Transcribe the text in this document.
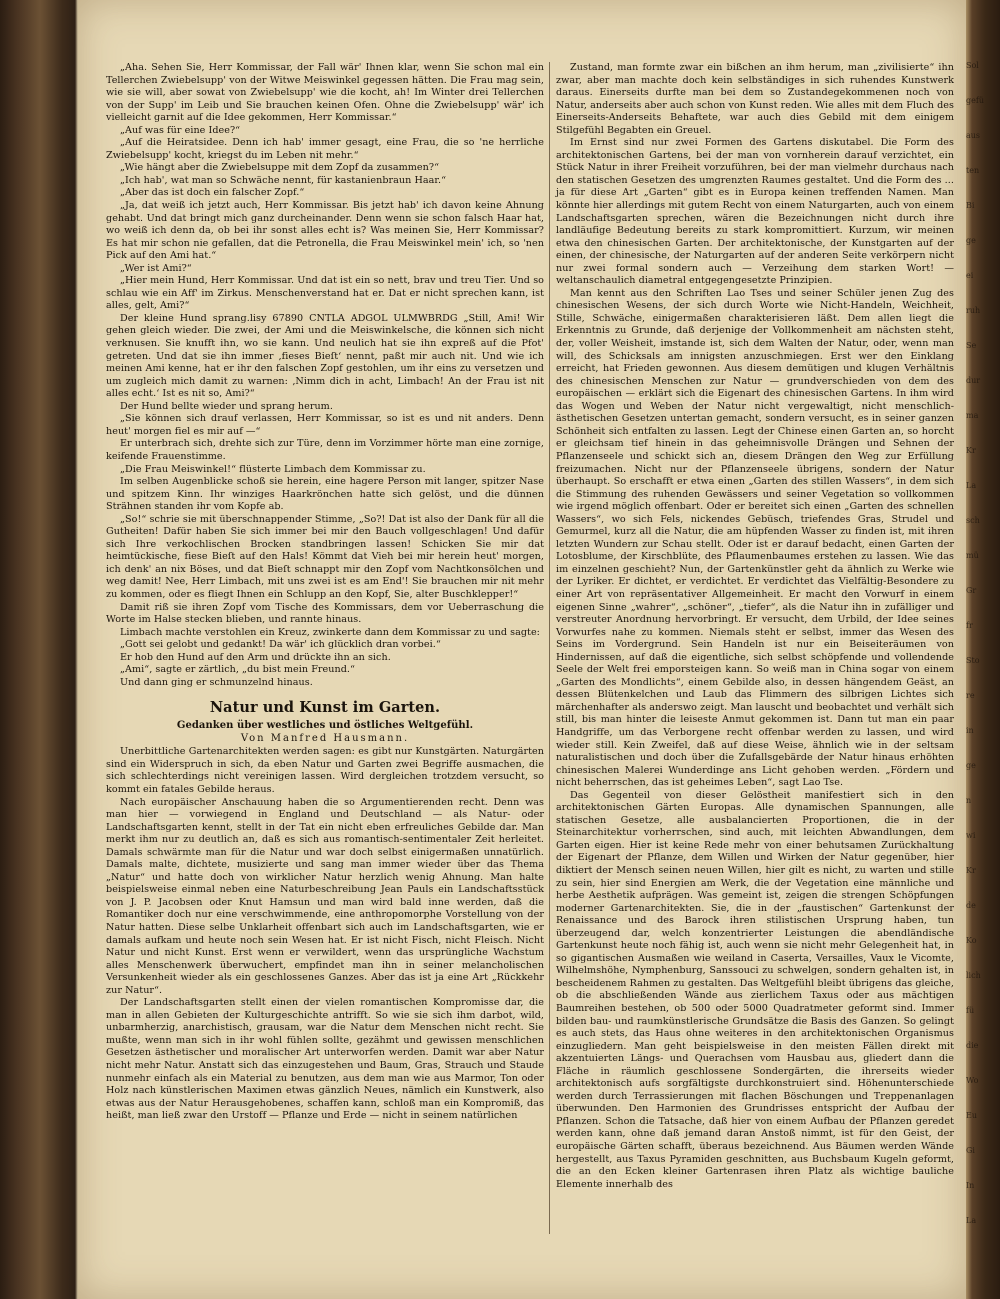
„Aha. Sehen Sie, Herr Kommissar, der Fall wär' Ihnen klar, wenn Sie schon mal ein Tellerchen Zwiebelsupp' von der Witwe Meiswinkel gegessen hätten. Die Frau mag sein, wie sie will, aber sowat von Zwiebelsupp' wie die kocht, ah! Im Winter drei Tellerchen von der Supp' im Leib und Sie brauchen keinen Ofen. Ohne die Zwiebelsupp' wär' ich vielleicht garnit auf die Idee gekommen, Herr Kommissar.“

„Auf was für eine Idee?“

„Auf die Heiratsidee. Denn ich hab' immer gesagt, eine Frau, die so 'ne herrliche Zwiebelsupp' kocht, kriegst du im Leben nit mehr.“

„Wie hängt aber die Zwiebelsuppe mit dem Zopf da zusammen?“

„Ich hab', wat man so Schwäche nennt, für kastanienbraun Haar.“

„Aber das ist doch ein falscher Zopf.“

„Ja, dat weiß ich jetzt auch, Herr Kommissar. Bis jetzt hab' ich davon keine Ahnung gehabt. Und dat bringt mich ganz durcheinander. Denn wenn sie schon falsch Haar hat, wo weiß ich denn da, ob bei ihr sonst alles echt is? Was meinen Sie, Herr Kommissar? Es hat mir schon nie gefallen, dat die Petronella, die Frau Meiswinkel mein' ich, so 'nen Pick auf den Ami hat.“

„Wer ist Ami?“

„Hier mein Hund, Herr Kommissar. Und dat ist ein so nett, brav und treu Tier. Und so schlau wie ein Aff' im Zirkus. Menschenverstand hat er. Dat er nicht sprechen kann, ist alles, gelt, Ami?“

Der kleine Hund sprang.lisy 67890 CNTLA ADGOL ULMWBRDG „Still, Ami! Wir gehen gleich wieder. Die zwei, der Ami und die Meiswinkelsche, die können sich nicht verknusen. Sie knufft ihn, wo sie kann. Und neulich hat sie ihn expreß auf die Pfot' getreten. Und dat sie ihn immer ‚fieses Bieſt‘ nennt, paßt mir auch nit. Und wie ich meinen Ami kenne, hat er ihr den falschen Zopf gestohlen, um ihr eins zu versetzen und um zugleich mich damit zu warnen: ‚Nimm dich in acht, Limbach! An der Frau ist nit alles echt.‘ Ist es nit so, Ami?“

Der Hund bellte wieder und sprang herum.

„Sie können sich drauf verlassen, Herr Kommissar, so ist es und nit anders. Denn heut' morgen fiel es mir auf —“

Er unterbrach sich, drehte sich zur Türe, denn im Vorzimmer hörte man eine zornige, keifende Frauenstimme.

„Die Frau Meiswinkel!“ flüsterte Limbach dem Kommissar zu.

Im selben Augenblicke schoß sie herein, eine hagere Person mit langer, spitzer Nase und spitzem Kinn. Ihr winziges Haarkrönchen hatte sich gelöst, und die dünnen Strähnen standen ihr vom Kopfe ab.

„So!“ schrie sie mit überschnappender Stimme, „So?! Dat ist also der Dank für all die Gutheiten! Dafür haben Sie sich immer bei mir den Bauch vollgeschlagen! Und dafür sich Ihre verkochlischen Brocken standbringen lassen! Schicken Sie mir dat heimtückische, fiese Bieſt auf den Hals! Kömmt dat Vieh bei mir herein heut' morgen, ich denk' an nix Böses, und dat Bieſt schnappt mir den Zopf vom Nachtkonsölchen und weg damit! Nee, Herr Limbach, mit uns zwei ist es am End'! Sie brauchen mir nit mehr zu kommen, oder es fliegt Ihnen ein Schlupp an den Kopf, Sie, alter Buschklepper!“

Damit riß sie ihren Zopf vom Tische des Kommissars, dem vor Ueberraschung die Worte im Halse stecken blieben, und rannte hinaus.

Limbach machte verstohlen ein Kreuz, zwinkerte dann dem Kommissar zu und sagte:

„Gott sei gelobt und gedankt! Da wär' ich glücklich dran vorbei.“

Er hob den Hund auf den Arm und drückte ihn an sich.

„Ami“, sagte er zärtlich, „du bist mein Freund.“

Und dann ging er schmunzelnd hinaus.

Natur und Kunst im Garten.
Gedanken über westliches und östliches Weltgefühl.
Von Manfred Hausmann.

Unerbittliche Gartenarchitekten werden sagen: es gibt nur Kunstgärten. Naturgärten sind ein Widerspruch in sich, da eben Natur und Garten zwei Begriffe ausmachen, die sich schlechterdings nicht vereinigen lassen. Wird dergleichen trotzdem versucht, so kommt ein fatales Gebilde heraus.

Nach europäischer Anschauung haben die so Argumentierenden recht. Denn was man hier — vorwiegend in England und Deutschland — als Natur- oder Landschaftsgarten kennt, stellt in der Tat ein nicht eben erfreuliches Gebilde dar. Man merkt ihm nur zu deutlich an, daß es sich aus romantisch-sentimentaler Zeit herleitet. Damals schwärmte man für die Natur und war doch selbst einigermaßen unnatürlich. Damals malte, dichtete, musizierte und sang man immer wieder über das Thema „Natur“ und hatte doch von wirklicher Natur herzlich wenig Ahnung. Man halte beispielsweise einmal neben eine Naturbeschreibung Jean Pauls ein Landschaftsstück von J. P. Jacobsen oder Knut Hamsun und man wird bald inne werden, daß die Romantiker doch nur eine verschwimmende, eine anthropomorphe Vorstellung von der Natur hatten. Diese selbe Unklarheit offenbart sich auch im Landschaftsgarten, wie er damals aufkam und heute noch sein Wesen hat. Er ist nicht Fisch, nicht Fleisch. Nicht Natur und nicht Kunst. Erst wenn er verwildert, wenn das ursprüngliche Wachstum alles Menschenwerk überwuchert, empfindet man ihn in seiner melancholischen Versunkenheit wieder als ein geschlossenes Ganzes. Aber das ist ja eine Art „Rückkehr zur Natur“.

Der Landschaftsgarten stellt einen der vielen romantischen Kompromisse dar, die man in allen Gebieten der Kulturgeschichte antrifft. So wie sie sich ihm darbot, wild, unbarmherzig, anarchistisch, grausam, war die Natur dem Menschen nicht recht. Sie mußte, wenn man sich in ihr wohl fühlen sollte, gezähmt und gewissen menschlichen Gesetzen ästhetischer und moralischer Art unterworfen werden. Damit war aber Natur nicht mehr Natur. Anstatt sich das einzugestehen und Baum, Gras, Strauch und Staude nunmehr einfach als ein Material zu benutzen, aus dem man wie aus Marmor, Ton oder Holz nach künstlerischen Maximen etwas gänzlich Neues, nämlich ein Kunstwerk, also etwas aus der Natur Herausgehobenes, schaffen kann, schloß man ein Kompromiß, das heißt, man ließ zwar den Urstoff — Pflanze und Erde — nicht in seinem natürlichen

Zustand, man formte zwar ein bißchen an ihm herum, man „zivilisierte“ ihn zwar, aber man machte doch kein selbständiges in sich ruhendes Kunstwerk daraus. Einerseits durfte man bei dem so Zustandegekommenen noch von Natur, anderseits aber auch schon von Kunst reden. Wie alles mit dem Fluch des Einerseits-Anderseits Behaftete, war auch dies Gebild mit dem einigem Stilgefühl Begabten ein Greuel.

Im Ernst sind nur zwei Formen des Gartens diskutabel. Die Form des architektonischen Gartens, bei der man von vornherein darauf verzichtet, ein Stück Natur in ihrer Freiheit vorzuführen, bei der man vielmehr durchaus nach den statischen Gesetzen des umgrenzten Raumes gestaltet. Und die Form des ... ja für diese Art „Garten“ gibt es in Europa keinen treffenden Namen. Man könnte hier allerdings mit gutem Recht von einem Naturgarten, auch von einem Landschaftsgarten sprechen, wären die Bezeichnungen nicht durch ihre landläufige Bedeutung bereits zu stark kompromittiert. Kurzum, wir meinen etwa den chinesischen Garten. Der architektonische, der Kunstgarten auf der einen, der chinesische, der Naturgarten auf der anderen Seite verkörpern nicht nur zwei formal sondern auch — Verzeihung dem starken Wort! — weltanschaulich diametral entgegengesetzte Prinzipien.

Man kennt aus den Schriften Lao Tses und seiner Schüler jenen Zug des chinesischen Wesens, der sich durch Worte wie Nicht-Handeln, Weichheit, Stille, Schwäche, einigermaßen charakterisieren läßt. Dem allen liegt die Erkenntnis zu Grunde, daß derjenige der Vollkommenheit am nächsten steht, der, voller Weisheit, imstande ist, sich dem Walten der Natur, oder, wenn man will, des Schicksals am innigsten anzuschmiegen. Erst wer den Einklang erreicht, hat Frieden gewonnen. Aus diesem demütigen und klugen Verhältnis des chinesischen Menschen zur Natur — grundverschieden von dem des europäischen — erklärt sich die Eigenart des chinesischen Gartens. In ihm wird das Wogen und Weben der Natur nicht vergewaltigt, nicht menschlich-ästhetischen Gesetzen untertan gemacht, sondern versucht, es in seiner ganzen Schönheit sich entfalten zu lassen. Legt der Chinese einen Garten an, so horcht er gleichsam tief hinein in das geheimnisvolle Drängen und Sehnen der Pflanzenseele und schickt sich an, diesem Drängen den Weg zur Erfüllung freizumachen. Nicht nur der Pflanzenseele übrigens, sondern der Natur überhaupt. So erschafft er etwa einen „Garten des stillen Wassers“, in dem sich die Stimmung des ruhenden Gewässers und seiner Vegetation so vollkommen wie irgend möglich offenbart. Oder er bereitet sich einen „Garten des schnellen Wassers“, wo sich Fels, nickendes Gebüsch, triefendes Gras, Strudel und Gemurmel, kurz all die Natur, die am hüpfenden Wasser zu finden ist, mit ihren letzten Wundern zur Schau stellt. Oder ist er darauf bedacht, einen Garten der Lotosblume, der Kirschblüte, des Pflaumenbaumes erstehen zu lassen. Wie das im einzelnen geschieht? Nun, der Gartenkünstler geht da ähnlich zu Werke wie der Lyriker. Er dichtet, er verdichtet. Er verdichtet das Vielfältig-Besondere zu einer Art von repräsentativer Allgemeinheit. Er macht den Vorwurf in einem eigenen Sinne „wahrer“, „schöner“, „tiefer“, als die Natur ihn in zufälliger und verstreuter Anordnung hervorbringt. Er versucht, dem Urbild, der Idee seines Vorwurfes nahe zu kommen. Niemals steht er selbst, immer das Wesen des Seins im Vordergrund. Sein Handeln ist nur ein Beiseiteräumen von Hindernissen, auf daß die eigentliche, sich selbst schöpfende und vollendende Seele der Welt frei emporsteigen kann. So weiß man in China sogar von einem „Garten des Mondlichts“, einem Gebilde also, in dessen hängendem Geäst, an dessen Blütenkelchen und Laub das Flimmern des silbrigen Lichtes sich märchenhafter als anderswo zeigt. Man lauscht und beobachtet und verhält sich still, bis man hinter die leiseste Anmut gekommen ist. Dann tut man ein paar Handgriffe, um das Verborgene recht offenbar werden zu lassen, und wird wieder still. Kein Zweifel, daß auf diese Weise, ähnlich wie in der seltsam naturalistischen und doch über die Zufallsgebärde der Natur hinaus erhöhten chinesischen Malerei Wunderdinge ans Licht gehoben werden. „Fördern und nicht beherrschen, das ist geheimes Leben“, sagt Lao Tse.

Das Gegenteil von dieser Gelöstheit manifestiert sich in den architektonischen Gärten Europas. Alle dynamischen Spannungen, alle statischen Gesetze, alle ausbalancierten Proportionen, die in der Steinarchitektur vorherrschen, sind auch, mit leichten Abwandlungen, dem Garten eigen. Hier ist keine Rede mehr von einer behutsamen Zurückhaltung der Eigenart der Pflanze, dem Willen und Wirken der Natur gegenüber, hier diktiert der Mensch seinen neuen Willen, hier gilt es nicht, zu warten und stille zu sein, hier sind Energien am Werk, die der Vegetation eine männliche und herbe Aesthetik aufprägen. Was gemeint ist, zeigen die strengen Schöpfungen moderner Gartenarchitekten. Sie, die in der „faustischen“ Gartenkunst der Renaissance und des Barock ihren stilistischen Ursprung haben, tun überzeugend dar, welch konzentrierter Leistungen die abendländische Gartenkunst heute noch fähig ist, auch wenn sie nicht mehr Gelegenheit hat, in so gigantischen Ausmaßen wie weiland in Caserta, Versailles, Vaux le Vicomte, Wilhelmshöhe, Nymphenburg, Sanssouci zu schwelgen, sondern gehalten ist, in bescheidenem Rahmen zu gestalten. Das Weltgefühl bleibt übrigens das gleiche, ob die abschließenden Wände aus zierlichem Taxus oder aus mächtigen Baumreihen bestehen, ob 500 oder 5000 Quadratmeter geformt sind. Immer bilden bau- und raumkünstlerische Grundsätze die Basis des Ganzen. So gelingt es auch stets, das Haus ohne weiteres in den architektonischen Organismus einzugliedern. Man geht beispielsweise in den meisten Fällen direkt mit akzentuierten Längs- und Querachsen vom Hausbau aus, gliedert dann die Fläche in räumlich geschlossene Sondergärten, die ihrerseits wieder architektonisch aufs sorgfältigste durchkonstruiert sind. Höhenunterschiede werden durch Terrassierungen mit flachen Böschungen und Treppenanlagen überwunden. Den Harmonien des Grundrisses entspricht der Aufbau der Pflanzen. Schon die Tatsache, daß hier von einem Aufbau der Pflanzen geredet werden kann, ohne daß jemand daran Anstoß nimmt, ist für den Geist, der europäische Gärten schafft, überaus bezeichnend. Aus Bäumen werden Wände hergestellt, aus Taxus Pyramiden geschnitten, aus Buchsbaum Kugeln geformt, die an den Ecken kleiner Gartenrasen ihren Platz als wichtige bauliche Elemente innerhalb des

Sol
gefü
aus
ten
Bi
ge
ei
ruh
Se
dur
ma
Kr
La
sch
mü
Gr
fr
Sto
re
in
ge
n
wi
Kr
de
Ko
lich
fü
die
Wo
Eu
Gi
In
La
